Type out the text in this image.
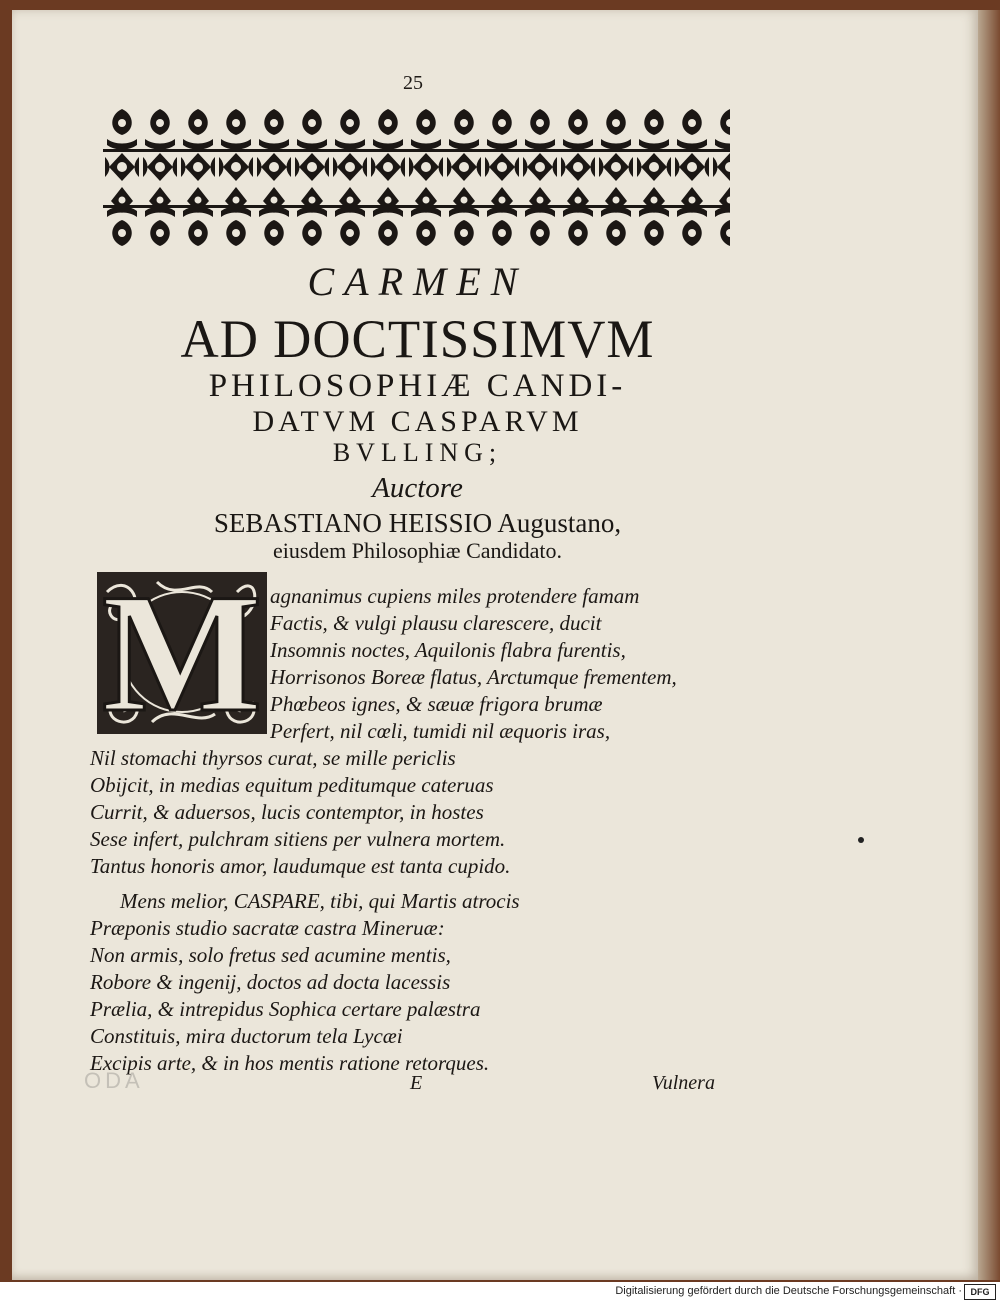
25
CARMEN
AD DOCTISSIMVM
PHILOSOPHIÆ CANDI-
DATVM CASPARVM
BVLLING;
Auctore
SEBASTIANO HEISSIO Augustano,
eiusdem Philosophiæ Candidato.
M agnanimus cupiens miles protendere famam
Factis, & vulgi plausu clarescere, ducit
Insomnis noctes, Aquilonis flabra furentis,
Horrisonos Boreæ flatus, Arctumque frementem,
Phœbeos ignes, & sæuæ frigora brumæ
Perfert, nil cœli, tumidi nil æquoris iras,
Nil stomachi thyrsos curat, se mille periclis
Obijcit, in medias equitum peditumque cateruas
Currit, & aduersos, lucis contemptor, in hostes
Sese infert, pulchram sitiens per vulnera mortem.
Tantus honoris amor, laudumque est tanta cupido.
Mens melior, CASPARE, tibi, qui Martis atrocis
Præponis studio sacratæ castra Mineruæ:
Non armis, solo fretus sed acumine mentis,
Robore & ingenij, doctos ad docta lacessis
Prælia, & intrepidus Sophica certare palæstra
Constituis, mira ductorum tela Lycæi
Excipis arte, & in hos mentis ratione retorques.
ODA	E	Vulnera
Digitalisierung gefördert durch die Deutsche Forschungsgemeinschaft · DFG
